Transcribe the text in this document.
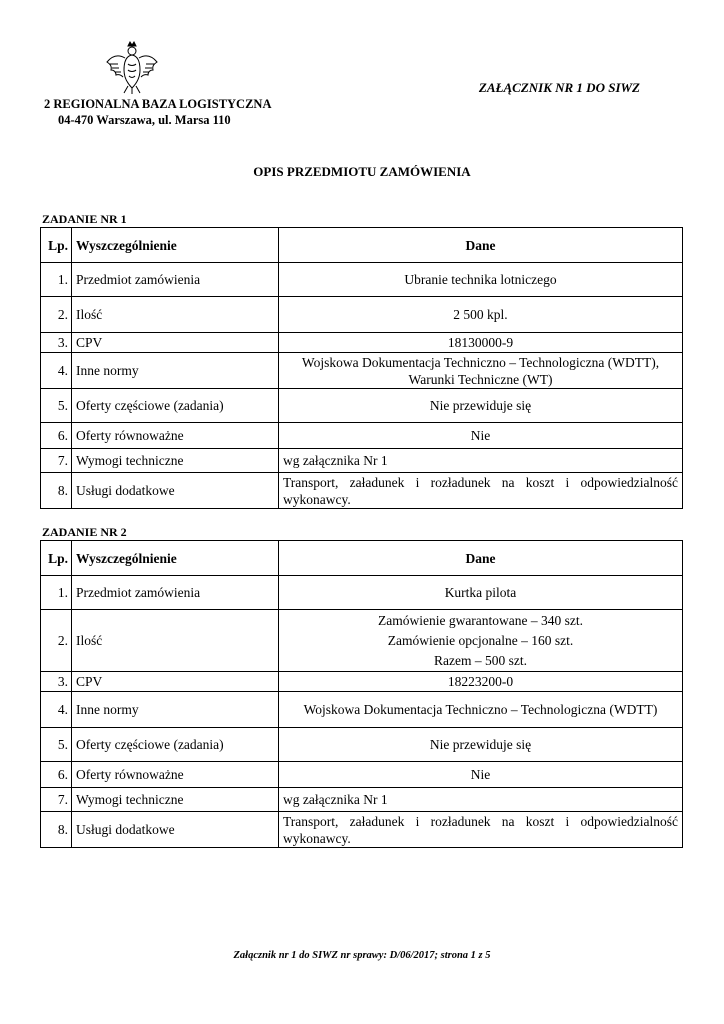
ZAŁĄCZNIK NR 1 DO SIWZ
2 REGIONALNA BAZA LOGISTYCZNA
04-470 Warszawa, ul. Marsa 110
OPIS PRZEDMIOTU ZAMÓWIENIA
ZADANIE NR 1
Lp.	Wyszczególnienie	Dane
1.	Przedmiot zamówienia	Ubranie technika lotniczego
2.	Ilość	2 500 kpl.
3.	CPV	18130000-9
4.	Inne normy	Wojskowa Dokumentacja Techniczno – Technologiczna (WDTT),
Warunki Techniczne (WT)

5.	Oferty częściowe (zadania)	Nie przewiduje się
6.	Oferty równoważne	Nie
7.	Wymogi techniczne	wg załącznika Nr 1
8.	Usługi dodatkowe	Transport, załadunek i rozładunek na koszt i odpowiedzialność wykonawcy.
ZADANIE NR 2
Lp.	Wyszczególnienie	Dane
1.	Przedmiot zamówienia	Kurtka pilota
2.	Ilość	Zamówienie gwarantowane – 340 szt.
Zamówienie opcjonalne – 160 szt.
Razem – 500 szt.

3.	CPV	18223200-0
4.	Inne normy	Wojskowa Dokumentacja Techniczno – Technologiczna (WDTT)
5.	Oferty częściowe (zadania)	Nie przewiduje się
6.	Oferty równoważne	Nie
7.	Wymogi techniczne	wg załącznika Nr 1
8.	Usługi dodatkowe	Transport, załadunek i rozładunek na koszt i odpowiedzialność wykonawcy.
Załącznik nr 1 do SIWZ nr sprawy: D/06/2017; strona 1 z 5
